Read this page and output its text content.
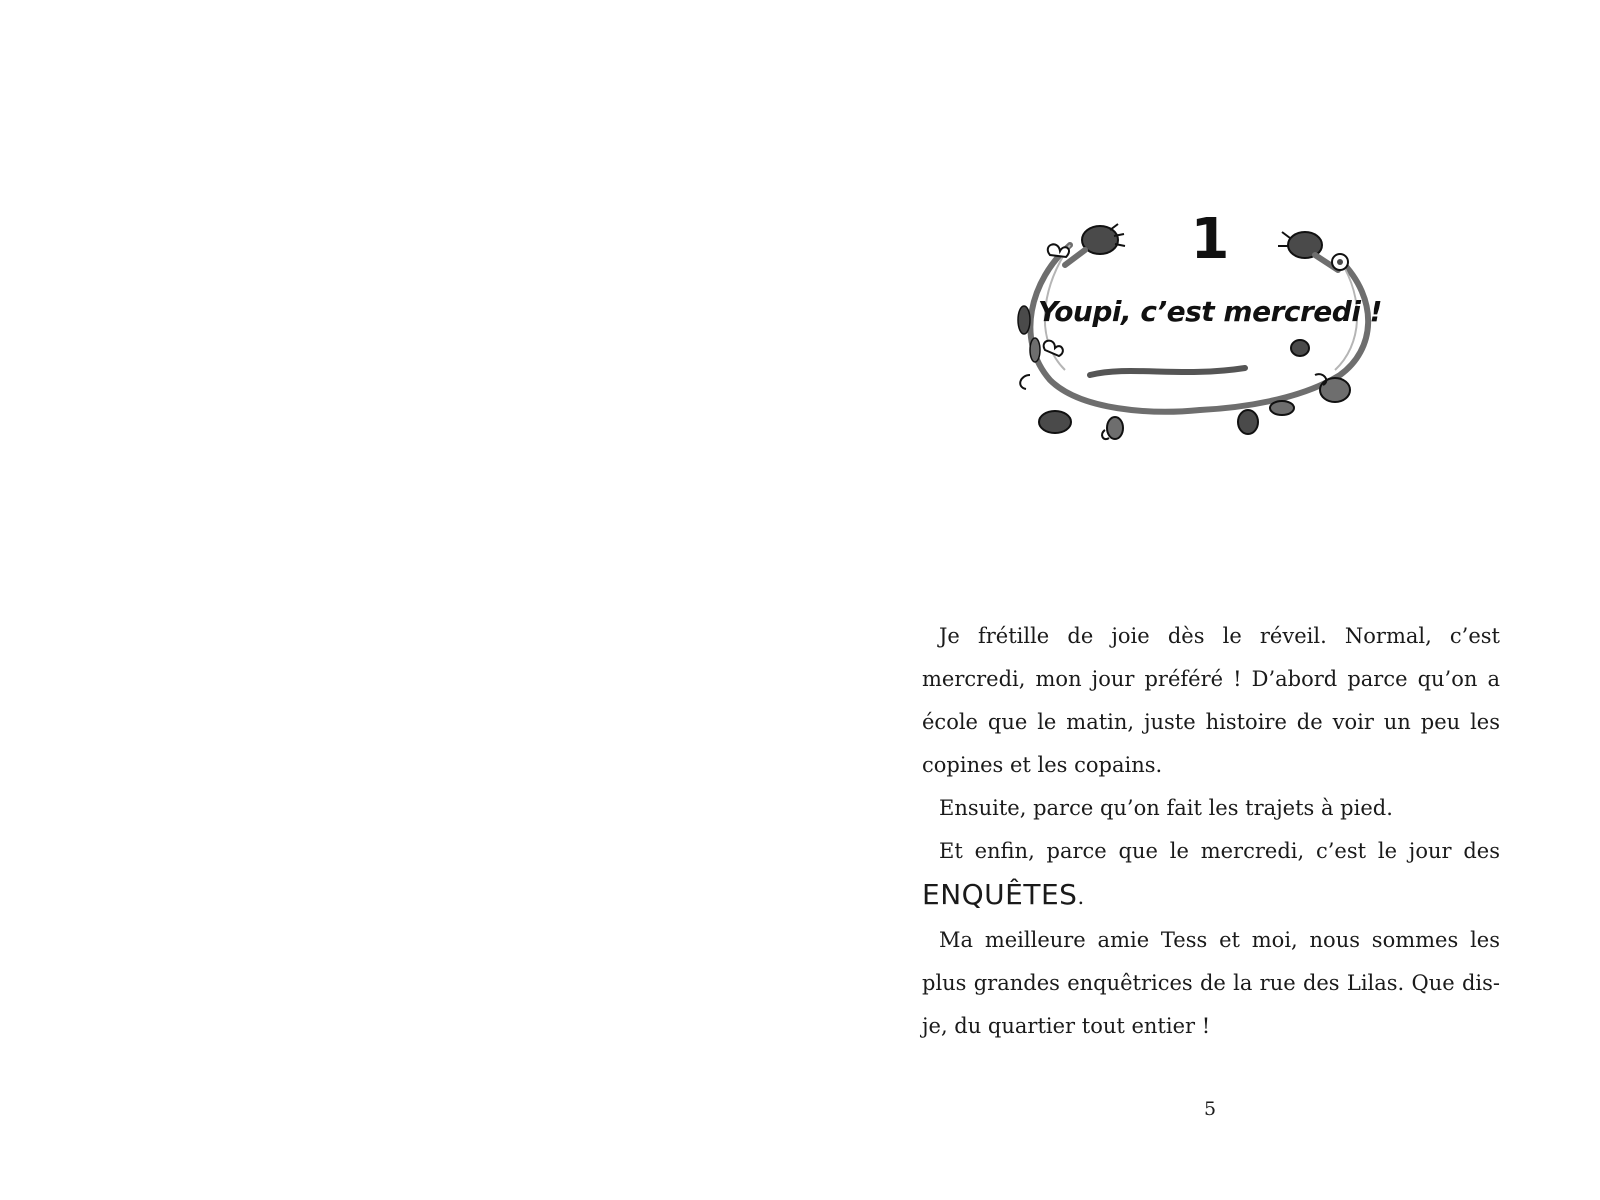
1
Youpi, c’est mercredi !

Je frétille de joie dès le réveil. Normal, c’est mercredi, mon jour préféré ! D’abord parce qu’on a école que le matin, juste histoire de voir un peu les copines et les copains.

Ensuite, parce qu’on fait les trajets à pied.

Et enfin, parce que le mercredi, c’est le jour des ENQUÊTES.

Ma meilleure amie Tess et moi, nous sommes les plus grandes enquêtrices de la rue des Lilas. Que dis-je, du quartier tout entier !

5
